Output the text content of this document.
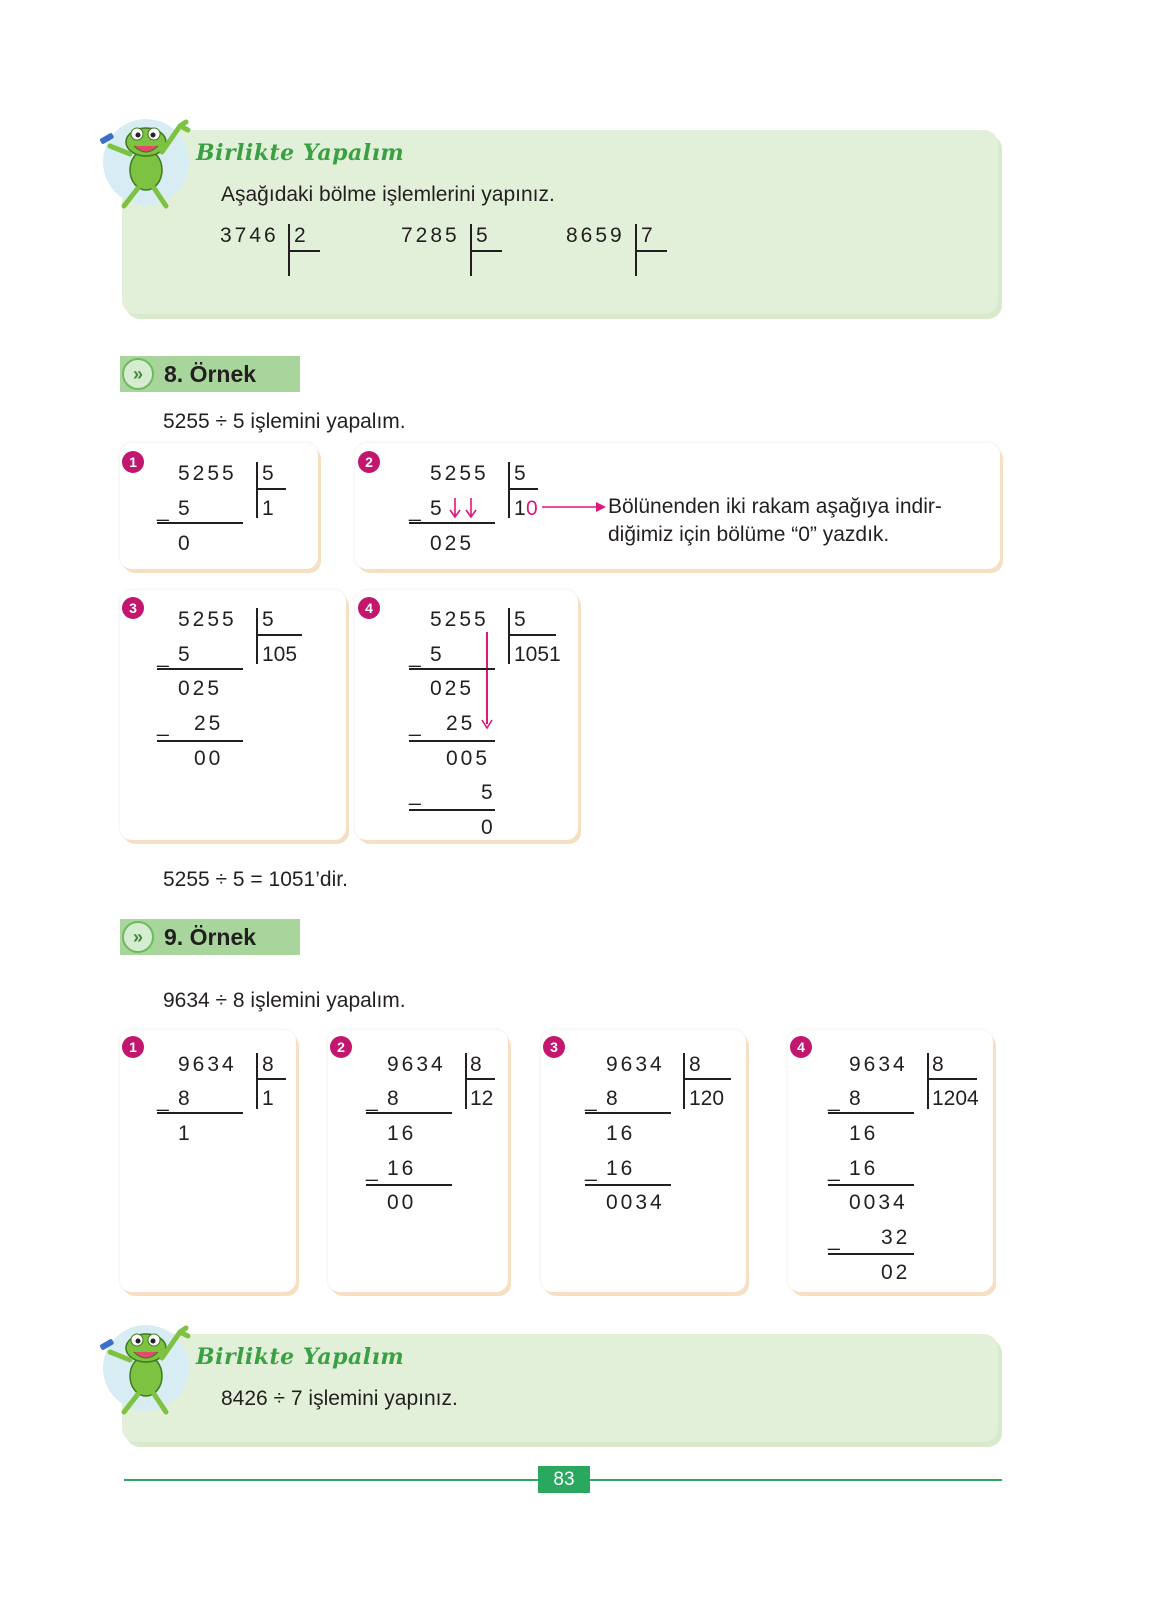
Birlikte Yapalım
Aşağıdaki bölme işlemlerini yapınız.
3746 2	7285 5	8659 7
» 8. Örnek
5255 ÷ 5 işlemini yapalım.
1	5255 5
1
_ 5
0
2	5255 5
1 0
_ 5
025
Bölünenden iki rakam aşağıya indir-
diğimiz için bölüme “0” yazdık.
3	5255 5
105
_ 5
025
_ 25
00
4	5255 5
1051
_ 5
025
_ 25
005
_	5
0
5255 ÷ 5 = 1051’dir.
» 9. Örnek
9634 ÷ 8 işlemini yapalım.
1
9634 8
1
_ 8
1
2
9634 8
12
_ 8
16
_ 16
00
3
9634 8
120
_ 8
16
_ 16
0034
4
9634 8
1204
_ 8
16
_ 16
0034
_ 32
02
Birlikte Yapalım
8426 ÷ 7 işlemini yapınız.
83
